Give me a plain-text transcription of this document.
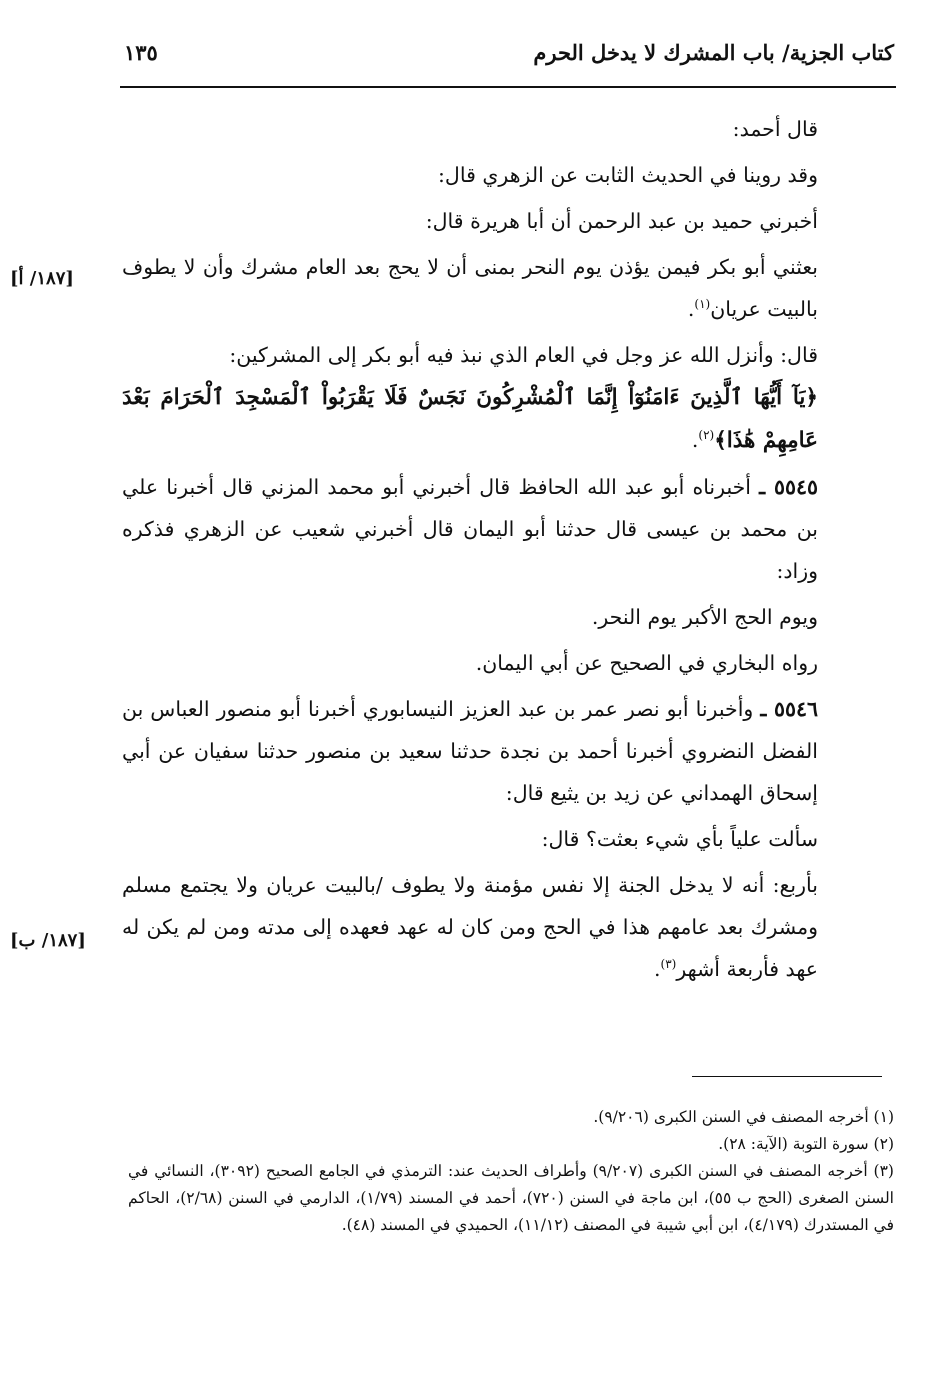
كتاب الجزية/ باب المشرك لا يدخل الحرم
١٣٥
[١٨٧/ أ]
[١٨٧/ ب]

قال أحمد:

وقد روينا في الحديث الثابت عن الزهري قال:

أخبرني حميد بن عبد الرحمن أن أبا هريرة قال:

بعثني أبو بكر فيمن يؤذن يوم النحر بمنى أن لا يحج بعد العام مشرك وأن لا يطوف بالبيت عريان$^{(١)}$.

قال: وأنزل الله عز وجل في العام الذي نبذ فيه أبو بكر إلى المشركين:

﴿يَآ أَيُّهَا ٱلَّذِينَ ءَامَنُوٓاْ إِنَّمَا ٱلْمُشْرِكُونَ نَجَسٌ فَلَا يَقْرَبُواْ ٱلْمَسْجِدَ ٱلْحَرَامَ بَعْدَ عَامِهِمْ هَٰذَا﴾$^{(٢)}$.

٥٥٤٥ ـ أخبرناه أبو عبد الله الحافظ قال أخبرني أبو محمد المزني قال أخبرنا علي بن محمد بن عيسى قال حدثنا أبو اليمان قال أخبرني شعيب عن الزهري فذكره وزاد:

ويوم الحج الأكبر يوم النحر.

رواه البخاري في الصحيح عن أبي اليمان.

٥٥٤٦ ـ وأخبرنا أبو نصر عمر بن عبد العزيز النيسابوري أخبرنا أبو منصور العباس بن الفضل النضروي أخبرنا أحمد بن نجدة حدثنا سعيد بن منصور حدثنا سفيان عن أبي إسحاق الهمداني عن زيد بن يثيع قال:

سألت علياً بأي شيء بعثت؟ قال:

بأربع: أنه لا يدخل الجنة إلا نفس مؤمنة ولا يطوف /بالبيت عريان ولا يجتمع مسلم ومشرك بعد عامهم هذا في الحج ومن كان له عهد فعهده إلى مدته ومن لم يكن له عهد فأربعة أشهر$^{(٣)}$.

(١) أخرجه المصنف في السنن الكبرى (٩/٢٠٦).

(٢) سورة التوبة (الآية: ٢٨).

(٣) أخرجه المصنف في السنن الكبرى (٩/٢٠٧) وأطراف الحديث عند: الترمذي في الجامع الصحيح (٣٠٩٢)، النسائي في السنن الصغرى (الحج ب ٥٥)، ابن ماجة في السنن (٧٢٠)، أحمد في المسند (١/٧٩)، الدارمي في السنن (٢/٦٨)، الحاكم في المستدرك (٤/١٧٩)، ابن أبي شيبة في المصنف (١١/١٢)، الحميدي في المسند (٤٨).
